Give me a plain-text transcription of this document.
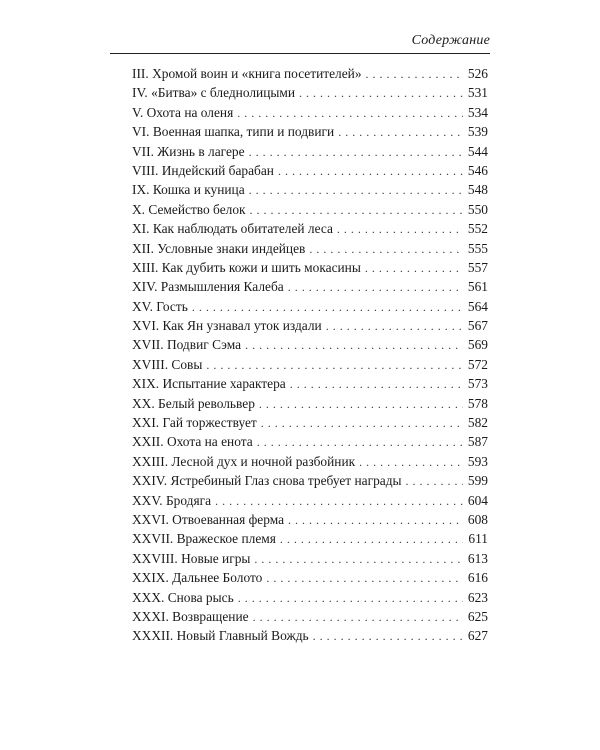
Содержание
III. Хромой воин и «книга посетителей» . . .	526
IV. «Битва» с бледнолицыми . . .	531
V. Охота на оленя . . .	534
VI. Военная шапка, типи и подвиги . . .	539
VII. Жизнь в лагере . . .	544
VIII. Индейский барабан . . .	546
IX. Кошка и куница . . .	548
X. Семейство белок . . .	550
XI. Как наблюдать обитателей леса . . .	552
XII. Условные знаки индейцев . . .	555
XIII. Как дубить кожи и шить мокасины . . .	557
XIV. Размышления Калеба . . .	561
XV. Гость . . .	564
XVI. Как Ян узнавал уток издали . . .	567
XVII. Подвиг Сэма . . .	569
XVIII. Совы . . .	572
XIX. Испытание характера . . .	573
XX. Белый револьвер . . .	578
XXI. Гай торжествует . . .	582
XXII. Охота на енота . . .	587
XXIII. Лесной дух и ночной разбойник . . .	593
XXIV. Ястребиный Глаз снова требует награды . . .	599
XXV. Бродяга . . .	604
XXVI. Отвоеванная ферма . . .	608
XXVII. Вражеское племя . . .	611
XXVIII. Новые игры . . .	613
XXIX. Дальнее Болото . . .	616
XXX. Снова рысь . . .	623
XXXI. Возвращение . . .	625
XXXII. Новый Главный Вождь . . .	627
